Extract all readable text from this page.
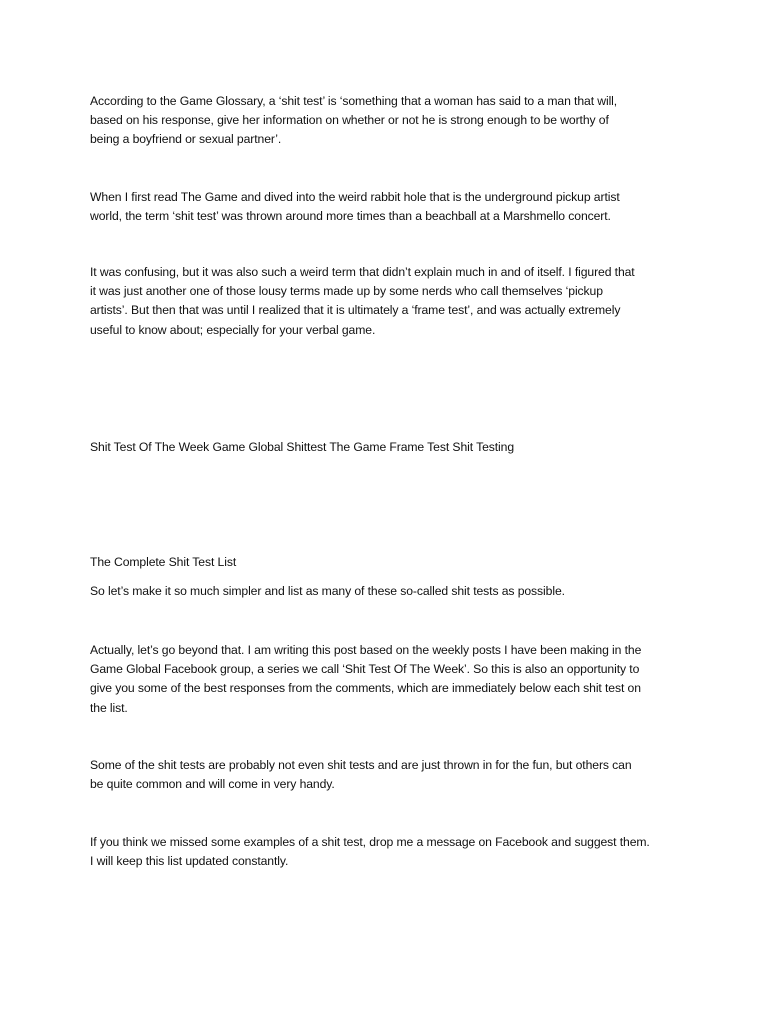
According to the Game Glossary, a ‘shit test’ is ‘something that a woman has said to a man that will,
based on his response, give her information on whether or not he is strong enough to be worthy of
being a boyfriend or sexual partner’.

When I first read The Game and dived into the weird rabbit hole that is the underground pickup artist
world, the term ‘shit test’ was thrown around more times than a beachball at a Marshmello concert.

It was confusing, but it was also such a weird term that didn’t explain much in and of itself. I figured that
it was just another one of those lousy terms made up by some nerds who call themselves ‘pickup
artists’. But then that was until I realized that it is ultimately a ‘frame test’, and was actually extremely
useful to know about; especially for your verbal game.

Shit Test Of The Week Game Global Shittest The Game Frame Test Shit Testing

The Complete Shit Test List

So let’s make it so much simpler and list as many of these so-called shit tests as possible.

Actually, let’s go beyond that. I am writing this post based on the weekly posts I have been making in the
Game Global Facebook group, a series we call ‘Shit Test Of The Week’. So this is also an opportunity to
give you some of the best responses from the comments, which are immediately below each shit test on
the list.

Some of the shit tests are probably not even shit tests and are just thrown in for the fun, but others can
be quite common and will come in very handy.

If you think we missed some examples of a shit test, drop me a message on Facebook and suggest them.
I will keep this list updated constantly.
